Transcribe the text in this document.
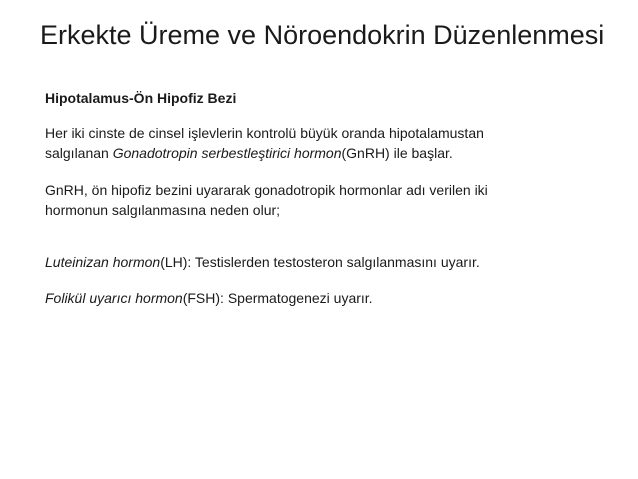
Erkekte Üreme ve Nöroendokrin Düzenlenmesi
Hipotalamus-Ön Hipofiz Bezi
Her iki cinste de cinsel işlevlerin kontrolü büyük oranda hipotalamustan
salgılanan Gonadotropin serbestleştirici hormon(GnRH) ile başlar.
GnRH, ön hipofiz bezini uyararak gonadotropik hormonlar adı verilen iki
hormonun salgılanmasına neden olur;
Luteinizan hormon(LH): Testislerden testosteron salgılanmasını uyarır.
Folikül uyarıcı hormon(FSH): Spermatogenezi uyarır.
